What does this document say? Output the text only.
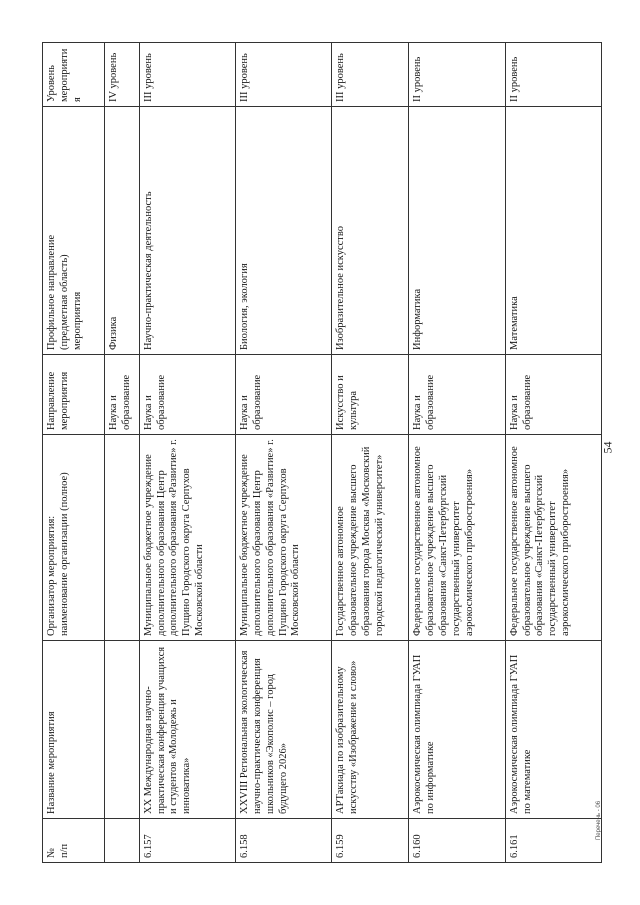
54
Перечень - 06
№
п/п	Название мероприятия	Организатор мероприятия:
наименование организации (полное)	Направление
мероприятия	Профильное направление
(предметная область)
мероприятия	Уровень
мероприятия
			Наука и
образование	Физика	IV уровень
6.157	XX Международная научно-практическая конференция учащихся и студентов «Молодежь и инноватика»	Муниципальное бюджетное учреждение дополнительного образования Центр дополнительного образования «Развитие» г. Пущино Городского округа Серпухов Московской области	Наука и
образование	Научно-практическая деятельность	III уровень
6.158	XXVIII Региональная экологическая научно-практическая конференция школьников «Экополис – город будущего 2026»	Муниципальное бюджетное учреждение дополнительного образования Центр дополнительного образования «Развитие» г. Пущино Городского округа Серпухов Московской области	Наука и
образование	Биология, экология	III уровень
6.159	АРТакиада по изобразительному искусству «Изображение и слово»	Государственное автономное образовательное учреждение высшего образования города Москвы «Московский городской педагогический университет»	Искусство и
культура	Изобразительное искусство	III уровень
6.160	Аэрокосмическая олимпиада ГУАП по информатике	Федеральное государственное автономное образовательное учреждение высшего образования «Санкт-Петербургский государственный университет аэрокосмического приборостроения»	Наука и
образование	Информатика	II уровень
6.161	Аэрокосмическая олимпиада ГУАП по математике	Федеральное государственное автономное образовательное учреждение высшего образования «Санкт-Петербургский государственный университет аэрокосмического приборостроения»	Наука и
образование	Математика	II уровень
